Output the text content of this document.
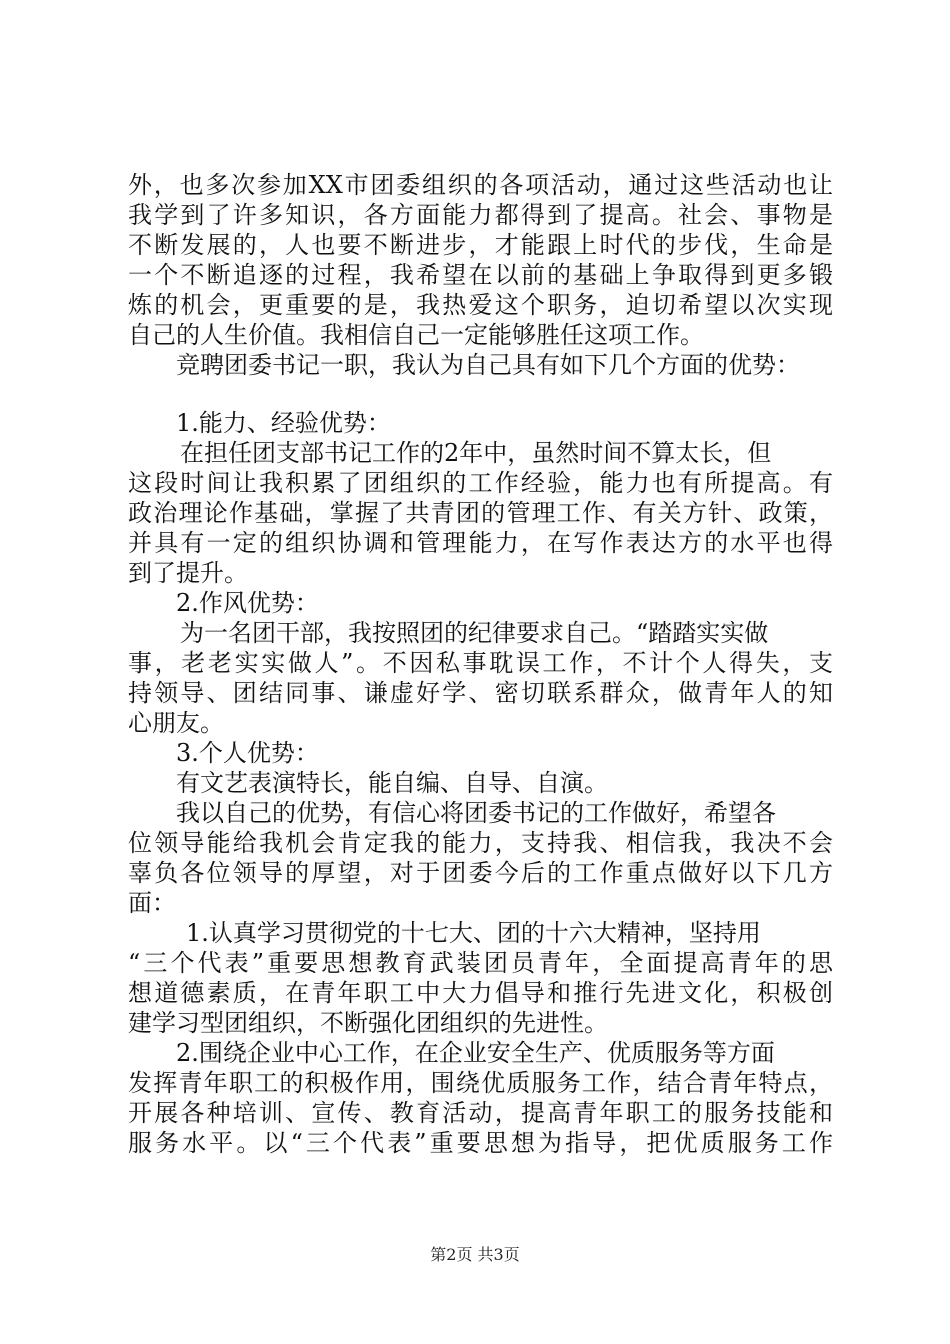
外，也多次参加XX市团委组织的各项活动，通过这些活动也让
我学到了许多知识，各方面能力都得到了提高。社会、事物是
不断发展的，人也要不断进步，才能跟上时代的步伐，生命是
一个不断追逐的过程，我希望在以前的基础上争取得到更多锻
炼的机会，更重要的是，我热爱这个职务，迫切希望以次实现
自己的人生价值。我相信自己一定能够胜任这项工作。
竞聘团委书记一职，我认为自己具有如下几个方面的优势：
1.能力、经验优势：
在担任团支部书记工作的2年中，虽然时间不算太长，但
这段时间让我积累了团组织的工作经验，能力也有所提高。有
政治理论作基础，掌握了共青团的管理工作、有关方针、政策，
并具有一定的组织协调和管理能力，在写作表达方的水平也得
到了提升。
2.作风优势：
为一名团干部，我按照团的纪律要求自己。“踏踏实实做
事，老老实实做人”。不因私事耽误工作，不计个人得失，支
持领导、团结同事、谦虚好学、密切联系群众，做青年人的知
心朋友。
3.个人优势：
有文艺表演特长，能自编、自导、自演。
我以自己的优势，有信心将团委书记的工作做好，希望各
位领导能给我机会肯定我的能力，支持我、相信我，我决不会
辜负各位领导的厚望，对于团委今后的工作重点做好以下几方
面：
1.认真学习贯彻党的十七大、团的十六大精神，坚持用
“三个代表”重要思想教育武装团员青年，全面提高青年的思
想道德素质，在青年职工中大力倡导和推行先进文化，积极创
建学习型团组织，不断强化团组织的先进性。
2.围绕企业中心工作，在企业安全生产、优质服务等方面
发挥青年职工的积极作用，围绕优质服务工作，结合青年特点，
开展各种培训、宣传、教育活动，提高青年职工的服务技能和
服务水平。以“三个代表”重要思想为指导，把优质服务工作
第2页 共3页
